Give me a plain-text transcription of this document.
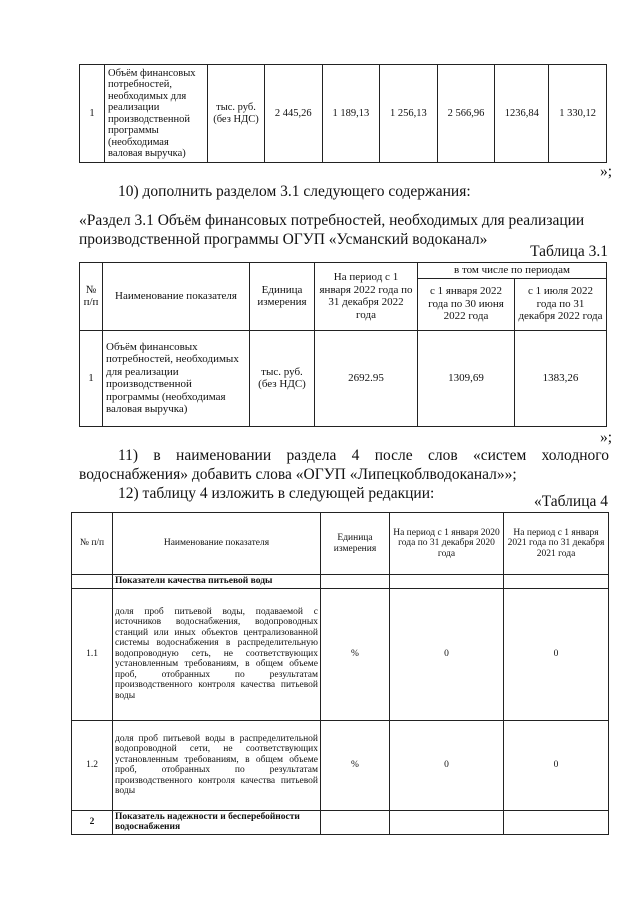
1	Объём финансовых потребностей, необходимых для реализации производственной программы (необходимая валовая выручка)	тыс. руб. (без НДС)	2 445,26	1 189,13	1 256,13	2 566,96	1236,84	1 330,12
»;
10) дополнить разделом 3.1 следующего содержания:
«Раздел 3.1 Объём финансовых потребностей, необходимых для реализации производственной программы ОГУП «Усманский водоканал»
Таблица 3.1
№ п/п	Наименование показателя	Единица измерения	На период с 1 января 2022 года по 31 декабря 2022 года	в том числе по периодам	
				с 1 января 2022 года по 30 июня 2022 года	с 1 июля 2022 года по 31 декабря 2022 года
1	Объём финансовых потребностей, необходимых для реализации производственной программы (необходимая валовая выручка)	тыс. руб. (без НДС)	2692.95	1309,69	1383,26
»;
11) в наименовании раздела 4 после слов «систем холодного водоснабжения» добавить слова «ОГУП «Липецкоблводоканал»»;
12) таблицу 4 изложить в следующей редакции:	«Таблица 4
№ п/п	Наименование показателя	Единица измерения	На период с 1 января 2020 года по 31 декабря 2020 года	На период с 1 января 2021 года по 31 декабря 2021 года
	Показатели качества питьевой воды			
1.1	доля проб питьевой воды, подаваемой с источников водоснабжения, водопроводных станций или иных объектов централизованной системы водоснабжения в распределительную водопроводную сеть, не соответствующих установленным требованиям, в общем объеме проб, отобранных по результатам производственного контроля качества питьевой воды	%	0	0
1.2	доля проб питьевой воды в распределительной водопроводной сети, не соответствующих установленным требованиям, в общем объеме проб, отобранных по результатам производственного контроля качества питьевой воды	%	0	0
2	Показатель надежности и бесперебойности водоснабжения			
